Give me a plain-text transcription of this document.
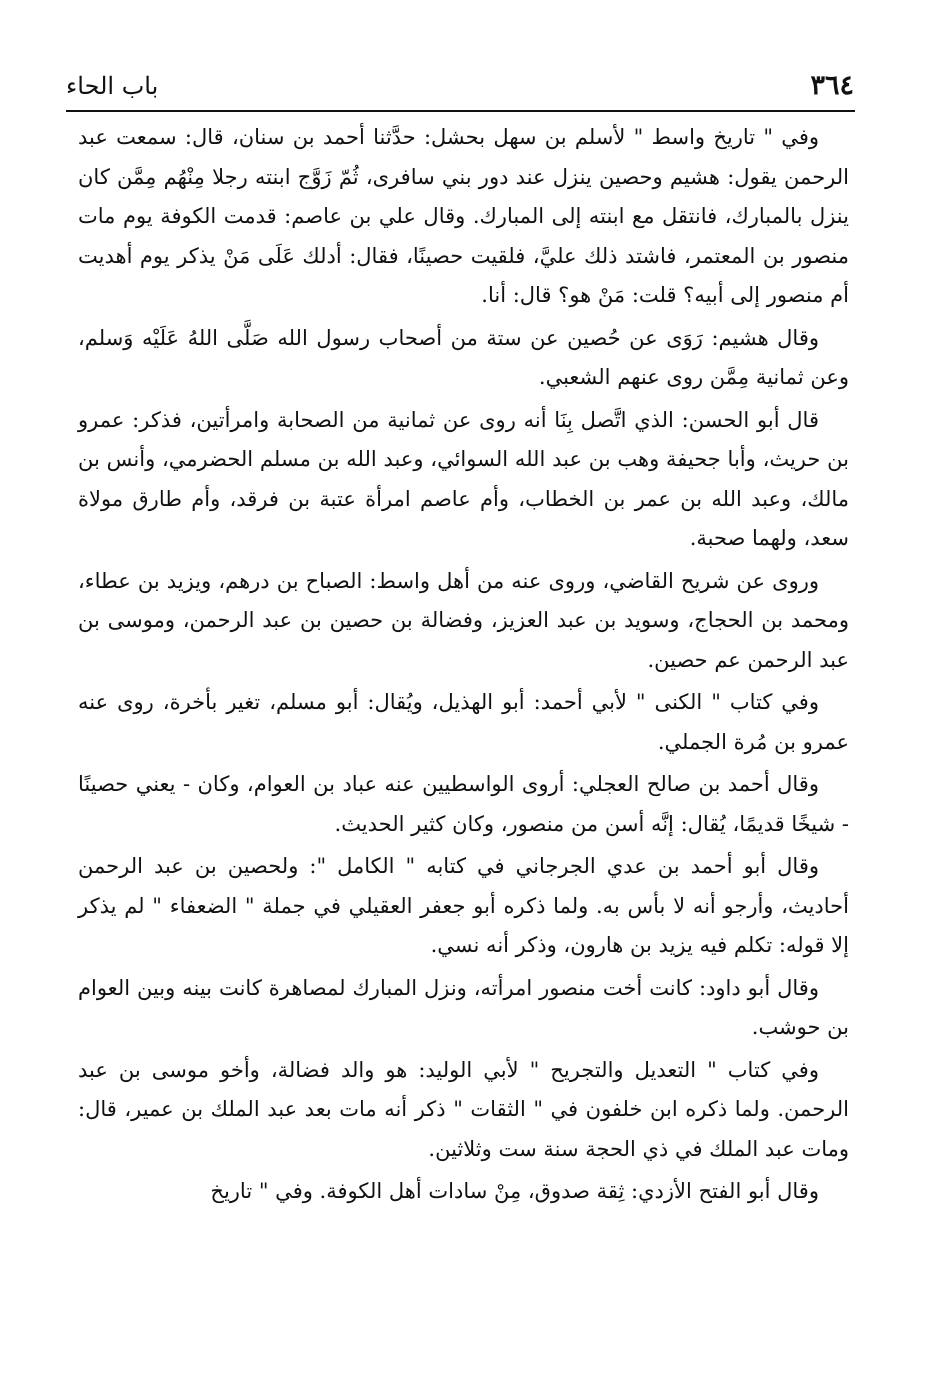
٣٦٤
باب الحاء

وفي " تاريخ واسط " لأسلم بن سهل بحشل: حدَّثنا أحمد بن سنان، قال: سمعت عبد الرحمن يقول: هشيم وحصين ينزل عند دور بني سافرى، ثُمّ زَوَّج ابنته رجلا مِنْهُم مِمَّن كان ينزل بالمبارك، فانتقل مع ابنته إلى المبارك. وقال علي بن عاصم: قدمت الكوفة يوم مات منصور بن المعتمر، فاشتد ذلك عليَّ، فلقيت حصينًا، فقال: أدلك عَلَى مَنْ يذكر يوم أهديت أم منصور إلى أبيه؟ قلت: مَنْ هو؟ قال: أنا.

وقال هشيم: رَوَى عن حُصين عن ستة من أصحاب رسول الله صَلَّى اللهُ عَلَيْه وَسلم، وعن ثمانية مِمَّن روى عنهم الشعبي.

قال أبو الحسن: الذي اتَّصل بِنَا أنه روى عن ثمانية من الصحابة وامرأتين، فذكر: عمرو بن حريث، وأبا جحيفة وهب بن عبد الله السوائي، وعبد الله بن مسلم الحضرمي، وأنس بن مالك، وعبد الله بن عمر بن الخطاب، وأم عاصم امرأة عتبة بن فرقد، وأم طارق مولاة سعد، ولهما صحبة.

وروى عن شريح القاضي، وروى عنه من أهل واسط: الصباح بن درهم، ويزيد بن عطاء، ومحمد بن الحجاج، وسويد بن عبد العزيز، وفضالة بن حصين بن عبد الرحمن، وموسى بن عبد الرحمن عم حصين.

وفي كتاب " الكنى " لأبي أحمد: أبو الهذيل، ويُقال: أبو مسلم، تغير بأخرة، روى عنه عمرو بن مُرة الجملي.

وقال أحمد بن صالح العجلي: أروى الواسطيين عنه عباد بن العوام، وكان - يعني حصينًا - شيخًا قديمًا، يُقال: إنَّه أسن من منصور، وكان كثير الحديث.

وقال أبو أحمد بن عدي الجرجاني في كتابه " الكامل ": ولحصين بن عبد الرحمن أحاديث، وأرجو أنه لا بأس به. ولما ذكره أبو جعفر العقيلي في جملة " الضعفاء " لم يذكر إلا قوله: تكلم فيه يزيد بن هارون، وذكر أنه نسي.

وقال أبو داود: كانت أخت منصور امرأته، ونزل المبارك لمصاهرة كانت بينه وبين العوام بن حوشب.

وفي كتاب " التعديل والتجريح " لأبي الوليد: هو والد فضالة، وأخو موسى بن عبد الرحمن. ولما ذكره ابن خلفون في " الثقات " ذكر أنه مات بعد عبد الملك بن عمير، قال: ومات عبد الملك في ذي الحجة سنة ست وثلاثين.

وقال أبو الفتح الأزدي: ثِقة صدوق، مِنْ سادات أهل الكوفة. وفي " تاريخ
